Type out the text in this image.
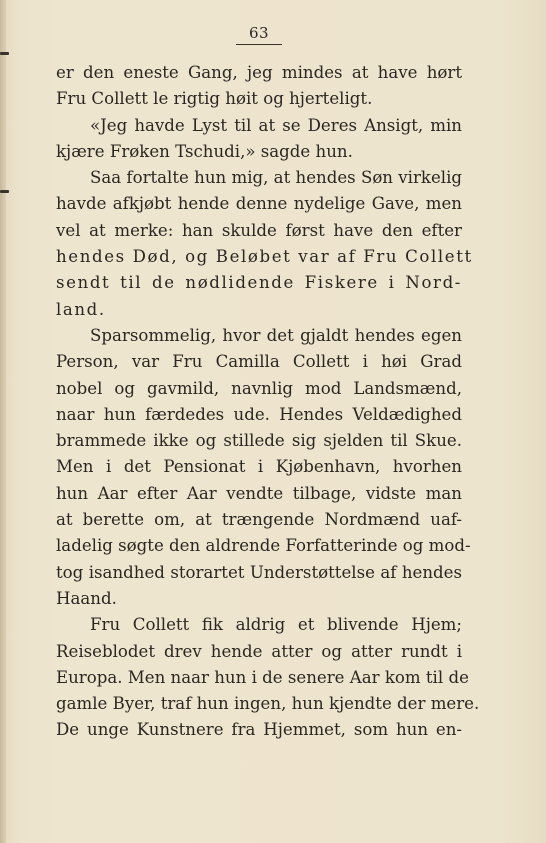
63
er den eneste Gang, jeg mindes at have hørt
Fru Collett le rigtig høit og hjerteligt.
«Jeg havde Lyst til at se Deres Ansigt, min
kjære Frøken Tschudi,» sagde hun.
Saa fortalte hun mig, at hendes Søn virkelig
havde afkjøbt hende denne nydelige Gave, men
vel at merke: han skulde først have den efter
hendes Død, og Beløbet var af Fru Collett
sendt til de nødlidende Fiskere i Nord-
land.
Sparsommelig, hvor det gjaldt hendes egen
Person, var Fru Camilla Collett i høi Grad
nobel og gavmild, navnlig mod Landsmænd,
naar hun færdedes ude. Hendes Veldædighed
brammede ikke og stillede sig sjelden til Skue.
Men i det Pensionat i Kjøbenhavn, hvorhen
hun Aar efter Aar vendte tilbage, vidste man
at berette om, at trængende Nordmænd uaf-
ladelig søgte den aldrende Forfatterinde og mod-
tog isandhed storartet Understøttelse af hendes
Haand.
Fru Collett fik aldrig et blivende Hjem;
Reiseblodet drev hende atter og atter rundt i
Europa. Men naar hun i de senere Aar kom til de
gamle Byer, traf hun ingen, hun kjendte der mere.
De unge Kunstnere fra Hjemmet, som hun en-
